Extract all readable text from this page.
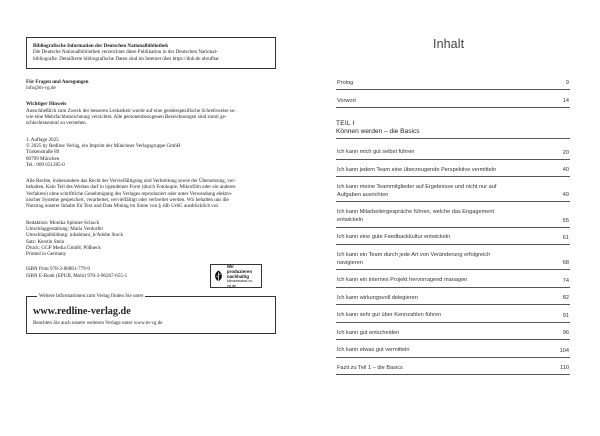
Bibliografische Information der Deutschen Nationalbibliothek

Die Deutsche Nationalbibliothek verzeichnet diese Publikation in der Deutschen National-

bibliografie. Detaillierte bibliografische Daten sind im Internet über https://dnb.de abrufbar.

Für Fragen und Anregungen

info@m-vg.de

Wichtiger Hinweis

Ausschließlich zum Zweck der besseren Lesbarkeit wurde auf eine genderspezifische Schreibweise so-

wie eine Mehrfachbezeichnung verzichtet. Alle personenbezogenen Bezeichnungen sind somit ge-

schlechtsneutral zu verstehen.

1. Auflage 2025

© 2025 by Redline Verlag, ein Imprint der Münchner Verlagsgruppe GmbH

Türkenstraße 89

80799 München

Tel.: 089 651285-0

Alle Rechte, insbesondere das Recht der Vervielfältigung und Verbreitung sowie der Übersetzung, vor-

behalten. Kein Teil des Werkes darf in irgendeiner Form (durch Fotokopie, Mikrofilm oder ein anderes

Verfahren) ohne schriftliche Genehmigung des Verlages reproduziert oder unter Verwendung elektro-

nischer Systeme gespeichert, verarbeitet, vervielfältigt oder verbreitet werden. Wir behalten uns die

Nutzung unserer Inhalte für Text und Data Mining im Sinne von § 44b UrhG ausdrücklich vor.

Redaktion: Monika Spinner-Schuch

Umschlaggestaltung: Maria Verdorfer

Umschlagabbildung: inhabitant_b/Adobe Stock

Satz: Kerstin Stein

Druck: GGP Media GmbH, Pößneck

Printed in Germany

ISBN Print 978-3-86881-779-9

ISBN E-Book (EPUB, Mobi) 978-3-96267-655-1

Wir produzieren
nachhaltig
klimaneutral.m-vg.de
Weitere Informationen zum Verlag finden Sie unter
www.redline-verlag.de
Beachten Sie auch unsere weiteren Verlage unter www.m-vg.de
Inhalt
Prolog	9
Vorwort	14
TEIL I
Können werden – die Basics
Ich kann mich gut selbst führen	20
Ich kann jedem Team eine überzeugende Perspektive vermitteln	40
Ich kann meine Teammitglieder auf Ergebnisse und nicht nur auf
Aufgaben ausrichten	49
Ich kann Mitarbeitergespräche führen, welche das Engagement
entwickeln	55
Ich kann eine gute Feedbackkultur entwickeln	61
Ich kann ein Team durch jede Art von Veränderung erfolgreich
navigieren	68
Ich kann ein internes Projekt hervorragend managen	74
Ich kann wirkungsvoll delegieren	82
Ich kann sehr gut über Kennzahlen führen	91
Ich kann gut entscheiden	96
Ich kann etwas gut vermitteln	104
Fazit zu Teil 1 – die Basics	110
